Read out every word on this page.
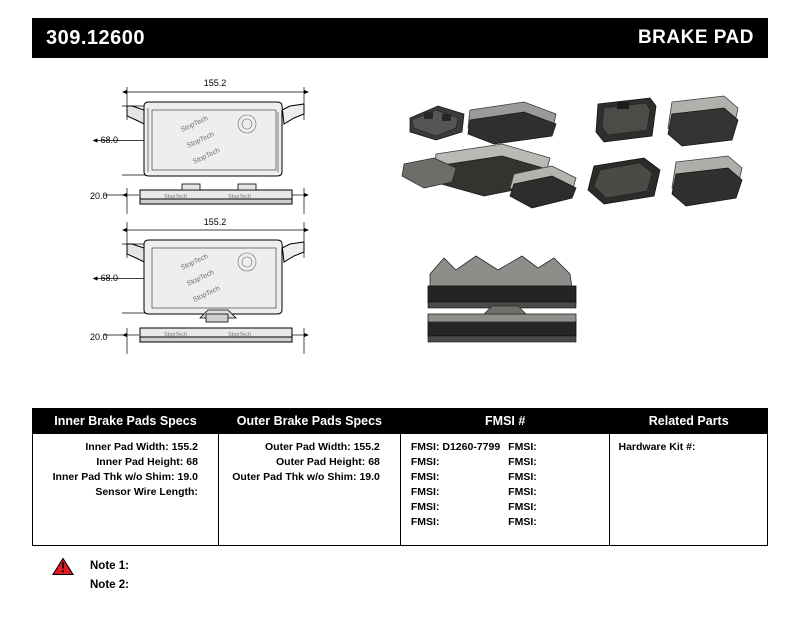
309.12600	BRAKE PAD
155.2
68.0
StopTech
StopTech
StopTech
20.0	StopTech	StopTech
155.2
68.0
StopTech
StopTech
StopTech
20.0	StopTech	StopTech
Inner Brake Pads Specs	Outer Brake Pads Specs	FMSI #	Related Parts

Inner Pad Width: 155.2
Inner Pad Height: 68
Inner Pad Thk w/o Shim: 19.0
Sensor Wire Length:

Outer Pad Width: 155.2
Outer Pad Height: 68
Outer Pad Thk w/o Shim: 19.0

FMSI: D1260-7799 FMSI:
FMSI:	FMSI:
FMSI:	FMSI:
FMSI:	FMSI:
FMSI:	FMSI:
FMSI:	FMSI:

Hardware Kit #:
Note 1:
Note 2:
